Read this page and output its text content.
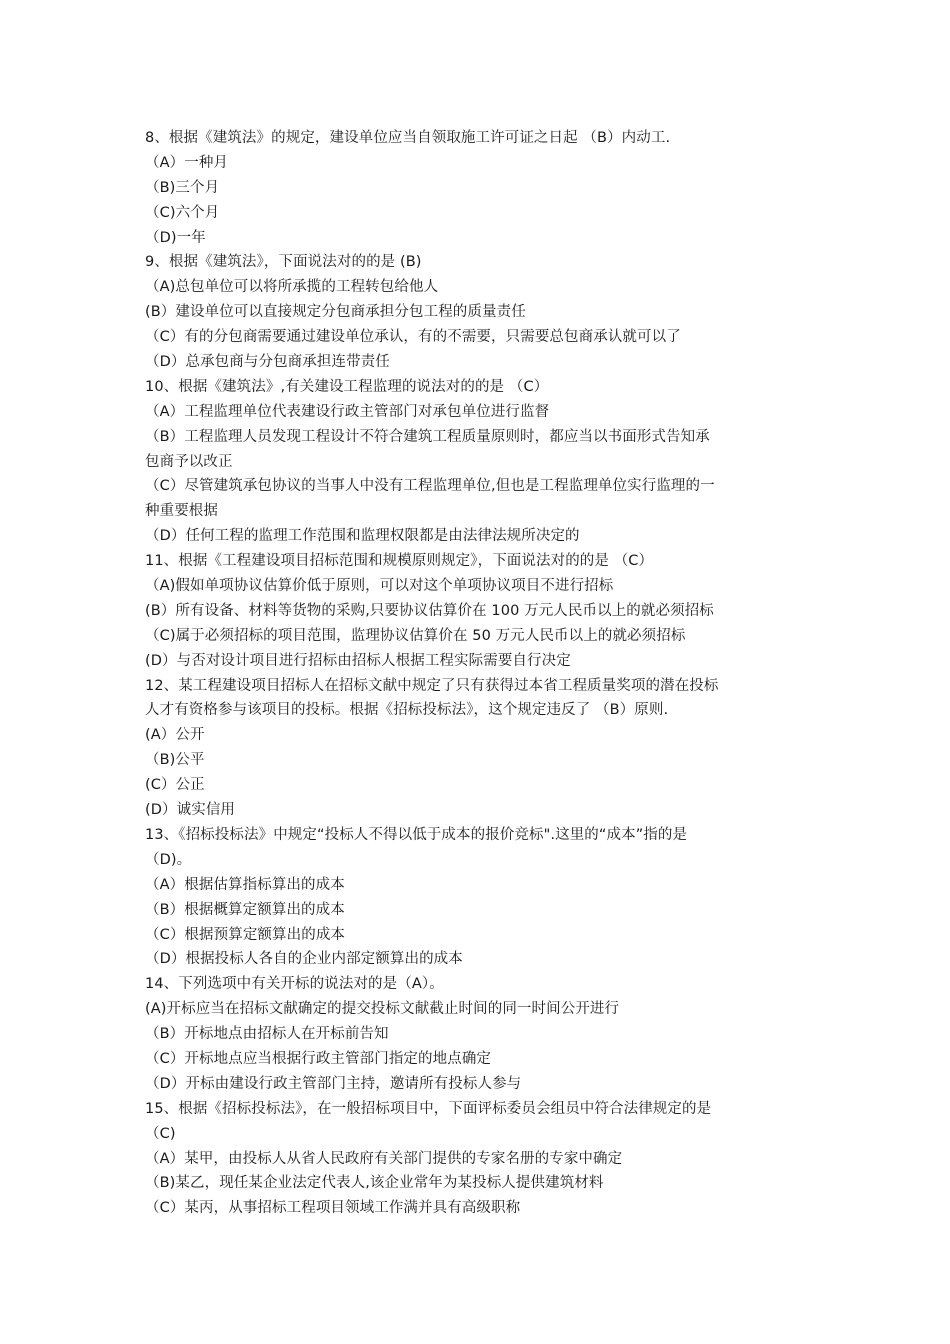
8、根据《建筑法》的规定，建设单位应当自领取施工许可证之日起 （B）内动工.
（A）一种月
（B)三个月
（C)六个月
（D)一年
9、根据《建筑法》，下面说法对的的是 (B)
（A)总包单位可以将所承揽的工程转包给他人
(B）建设单位可以直接规定分包商承担分包工程的质量责任
（C）有的分包商需要通过建设单位承认，有的不需要，只需要总包商承认就可以了
（D）总承包商与分包商承担连带责任
10、根据《建筑法》,有关建设工程监理的说法对的的是 （C）
（A）工程监理单位代表建设行政主管部门对承包单位进行监督
（B）工程监理人员发现工程设计不符合建筑工程质量原则时，都应当以书面形式告知承
包商予以改正
（C）尽管建筑承包协议的当事人中没有工程监理单位,但也是工程监理单位实行监理的一
种重要根据
（D）任何工程的监理工作范围和监理权限都是由法律法规所决定的
11、根据《工程建设项目招标范围和规模原则规定》，下面说法对的的是 （C）
（A)假如单项协议估算价低于原则，可以对这个单项协议项目不进行招标
(B）所有设备、材料等货物的采购,只要协议估算价在 100 万元人民币以上的就必须招标
（C)属于必须招标的项目范围，监理协议估算价在 50 万元人民币以上的就必须招标
(D）与否对设计项目进行招标由招标人根据工程实际需要自行决定
12、某工程建设项目招标人在招标文献中规定了只有获得过本省工程质量奖项的潜在投标
人才有资格参与该项目的投标。根据《招标投标法》，这个规定违反了 （B）原则.
(A）公开
（B)公平
(C）公正
(D）诚实信用
13、《招标投标法》中规定“投标人不得以低于成本的报价竞标".这里的“成本”指的是
（D)。
（A）根据估算指标算出的成本
（B）根据概算定额算出的成本
（C）根据预算定额算出的成本
（D）根据投标人各自的企业内部定额算出的成本
14、下列选项中有关开标的说法对的是（A）。
(A)开标应当在招标文献确定的提交投标文献截止时间的同一时间公开进行
（B）开标地点由招标人在开标前告知
（C）开标地点应当根据行政主管部门指定的地点确定
（D）开标由建设行政主管部门主持，邀请所有投标人参与
15、根据《招标投标法》，在一般招标项目中，下面评标委员会组员中符合法律规定的是
（C)
（A）某甲，由投标人从省人民政府有关部门提供的专家名册的专家中确定
（B)某乙，现任某企业法定代表人,该企业常年为某投标人提供建筑材料
（C）某丙，从事招标工程项目领域工作满并具有高级职称
